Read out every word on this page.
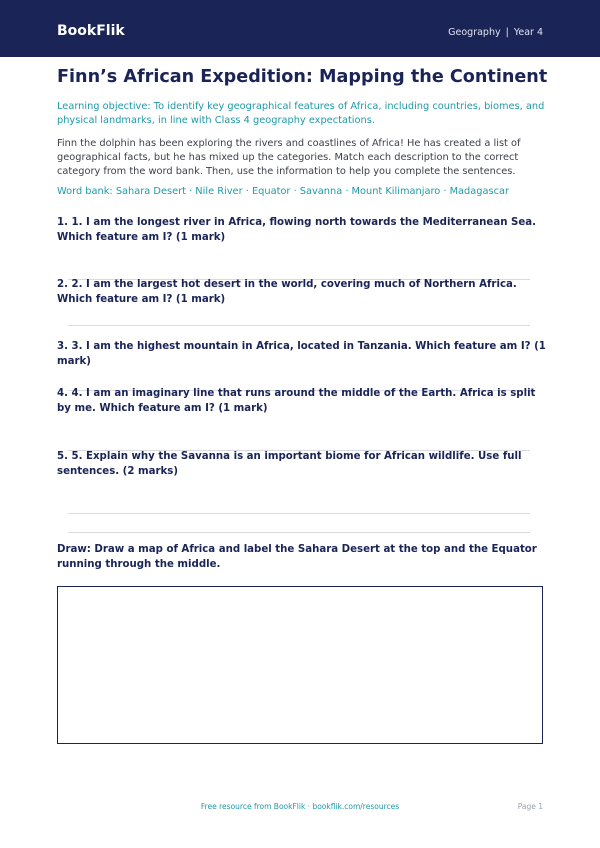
BookFlik	Geography | Year 4
Finn’s African Expedition: Mapping the Continent
Learning objective: To identify key geographical features of Africa, including countries, biomes, and physical landmarks, in line with Class 4 geography expectations.
Finn the dolphin has been exploring the rivers and coastlines of Africa! He has created a list of geographical facts, but he has mixed up the categories. Match each description to the correct category from the word bank. Then, use the information to help you complete the sentences.
Word bank: Sahara Desert · Nile River · Equator · Savanna · Mount Kilimanjaro · Madagascar
1. 1. I am the longest river in Africa, flowing north towards the Mediterranean Sea. Which feature am I? (1 mark)
2. 2. I am the largest hot desert in the world, covering much of Northern Africa. Which feature am I? (1 mark)
3. 3. I am the highest mountain in Africa, located in Tanzania. Which feature am I? (1 mark)
4. 4. I am an imaginary line that runs around the middle of the Earth. Africa is split by me. Which feature am I? (1 mark)
5. 5. Explain why the Savanna is an important biome for African wildlife. Use full sentences. (2 marks)
Draw: Draw a map of Africa and label the Sahara Desert at the top and the Equator running through the middle.
Free resource from BookFlik · bookflik.com/resources	Page 1
